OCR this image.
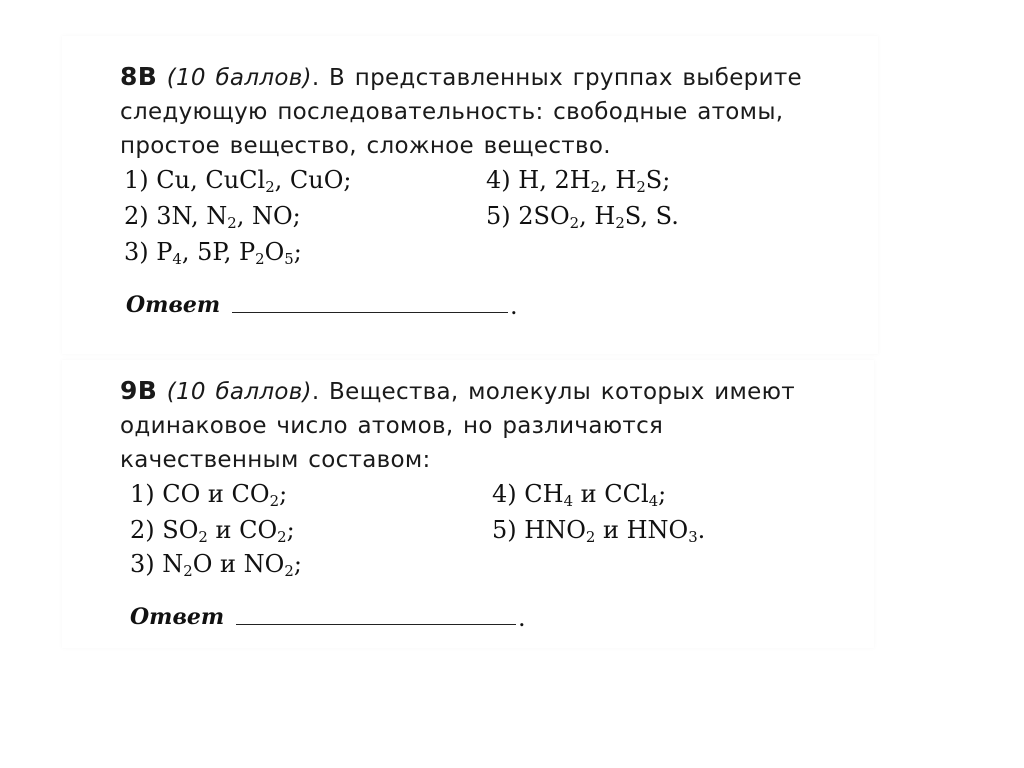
8B (10 баллов). В представленных группах выберите следующую последовательность: свободные атомы, простое вещество, сложное вещество.
1) Cu, CuCl$_2$, CuO;
2) 3N, $N_2$, NO;
3) $P_4$, 5P, $P_2O_5$;
4) H, $2H_2$, $H_2S$;
5) $2SO_2$, $H_2S$, S.
Ответ	.
9B (10 баллов). Вещества, молекулы которых имеют одинаковое число атомов, но различаются качественным составом:
1) CO и $CO_2$;
2) $SO_2$ и $CO_2$;
3) $N_2O$ и $NO_2$;
4) $CH_4$ и CCl$_4$;
5) $HNO_2$ и $HNO_3$.
Ответ	.
